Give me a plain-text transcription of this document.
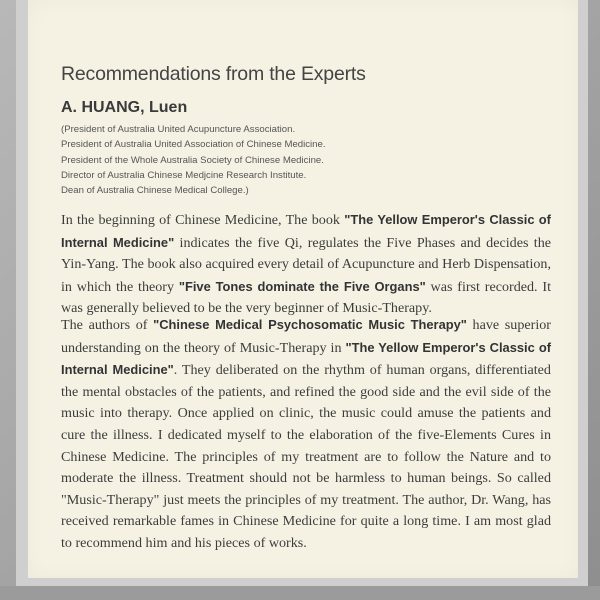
Recommendations from the Experts
A. HUANG, Luen
(President of Australia United Acupuncture Association.
President of Australia United Association of Chinese Medicine.
President of the Whole Australia Society of Chinese Medicine.
Director of Australia Chinese Medjcine Research Institute.
Dean of Australia Chinese Medical College.)

In the beginning of Chinese Medicine, The book "The Yellow Emperor's Classic of Internal Medicine" indicates the five Qi, regulates the Five Phases and decides the Yin-Yang. The book also acquired every detail of Acupuncture and Herb Dispensation, in which the theory "Five Tones dominate the Five Organs" was first recorded. It was generally believed to be the very beginner of Music-Therapy.

The authors of "Chinese Medical Psychosomatic Music Therapy" have superior understanding on the theory of Music-Therapy in "The Yellow Emperor's Classic of Internal Medicine". They deliberated on the rhythm of human organs, differentiated the mental obstacles of the patients, and refined the good side and the evil side of the music into therapy. Once applied on clinic, the music could amuse the patients and cure the illness. I dedicated myself to the elaboration of the five-Elements Cures in Chinese Medicine. The principles of my treatment are to follow the Nature and to moderate the illness. Treatment should not be harmless to human beings. So called "Music-Therapy" just meets the principles of my treatment. The author, Dr. Wang, has received remarkable fames in Chinese Medicine for quite a long time. I am most glad to recommend him and his pieces of works.
